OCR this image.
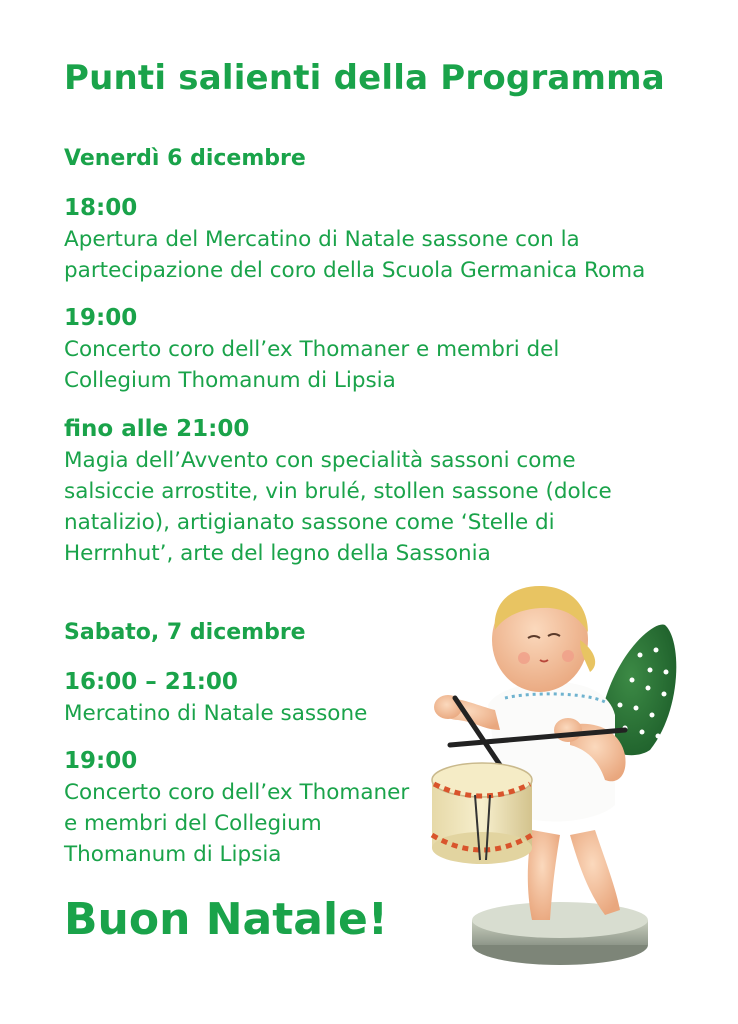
Punti salienti della Programma
Venerdì 6 dicembre
18:00

Apertura del Mercatino di Natale sassone con la
partecipazione del coro della Scuola Germanica Roma

19:00

Concerto coro dell’ex Thomaner e membri del
Collegium Thomanum di Lipsia

fino alle 21:00

Magia dell’Avvento con specialità sassoni come
salsiccie arrostite, vin brulé, stollen sassone (dolce
natalizio), artigianato sassone come ‘Stelle di
Herrnhut’, arte del legno della Sassonia

Sabato, 7 dicembre
16:00 – 21:00

Mercatino di Natale sassone

19:00

Concerto coro dell’ex Thomaner
e membri del Collegium
Thomanum di Lipsia

Buon Natale!
